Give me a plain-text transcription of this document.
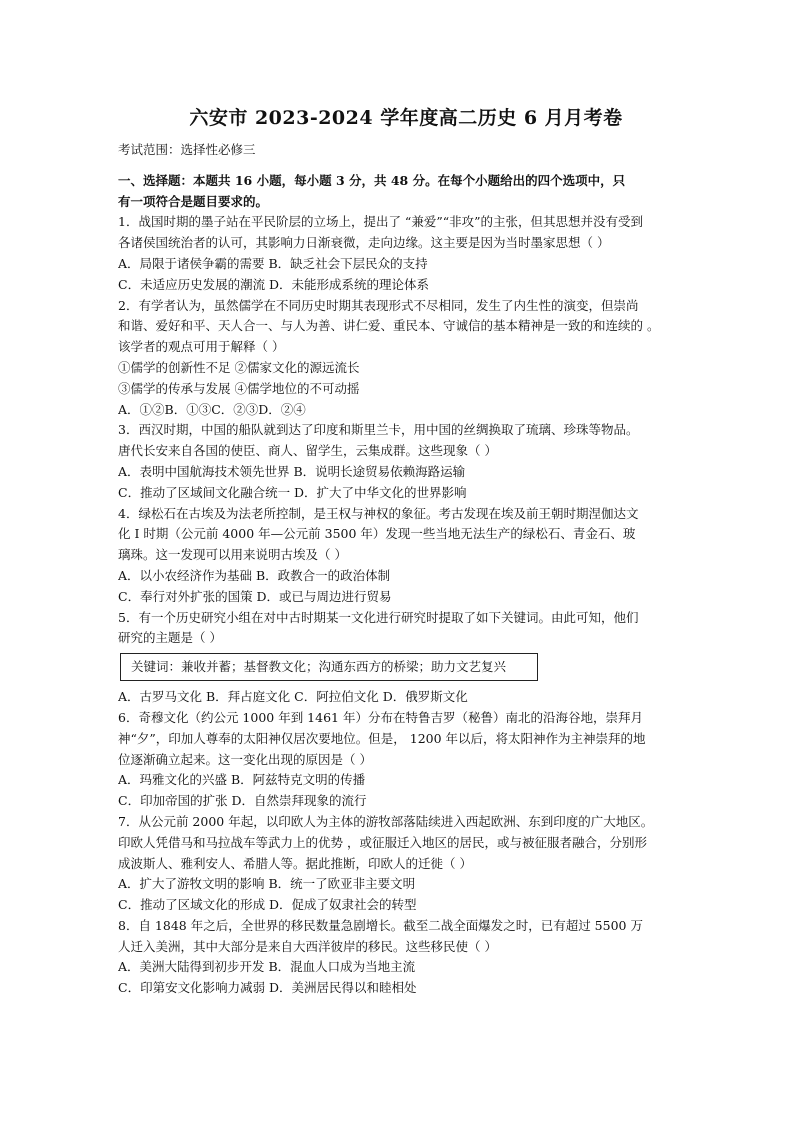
六安市 2023-2024 学年度高二历史 6 月月考卷
考试范围：选择性必修三
一、选择题：本题共 16 小题，每小题 3 分，共 48 分。在每个小题给出的四个选项中，只
有一项符合是题目要求的。
1．战国时期的墨子站在平民阶层的立场上，提出了 “兼爱”“非攻”的主张，但其思想并没有受到
各诸侯国统治者的认可，其影响力日渐衰微，走向边缘。这主要是因为当时墨家思想（ ）
A．局限于诸侯争霸的需要 B．缺乏社会下层民众的支持
C．未适应历史发展的潮流 D．未能形成系统的理论体系
2．有学者认为，虽然儒学在不同历史时期其表现形式不尽相同，发生了内生性的演变，但崇尚
和谐、爱好和平、天人合一、与人为善、讲仁爱、重民本、守诚信的基本精神是一致的和连续的 。
该学者的观点可用于解释（ ）
①儒学的创新性不足 ②儒家文化的源远流长
③儒学的传承与发展 ④儒学地位的不可动摇
A．①②B．①③C．②③D．②④
3．西汉时期，中国的船队就到达了印度和斯里兰卡，用中国的丝绸换取了琉璃、珍珠等物品。
唐代长安来自各国的使臣、商人、留学生，云集成群。这些现象（ ）
A．表明中国航海技术领先世界 B．说明长途贸易依赖海路运输
C．推动了区域间文化融合统一 D．扩大了中华文化的世界影响
4．绿松石在古埃及为法老所控制，是王权与神权的象征。考古发现在埃及前王朝时期涅伽达文
化 I 时期（公元前 4000 年—公元前 3500 年）发现一些当地无法生产的绿松石、青金石、玻
璃珠。这一发现可以用来说明古埃及（ ）
A．以小农经济作为基础 B．政教合一的政治体制
C．奉行对外扩张的国策 D．或已与周边进行贸易
5．有一个历史研究小组在对中古时期某一文化进行研究时提取了如下关键词。由此可知，他们
研究的主题是（ ）
关键词：兼收并蓄；基督教文化；沟通东西方的桥梁；助力文艺复兴
A．古罗马文化 B．拜占庭文化 C．阿拉伯文化 D．俄罗斯文化
6．奇穆文化（约公元 1000 年到 1461 年）分布在特鲁吉罗（秘鲁）南北的沿海谷地，崇拜月
神“夕”，印加人尊奉的太阳神仅居次要地位。但是， 1200 年以后，将太阳神作为主神崇拜的地
位逐渐确立起来。这一变化出现的原因是（ ）
A．玛雅文化的兴盛 B．阿兹特克文明的传播
C．印加帝国的扩张 D．自然崇拜现象的流行
7．从公元前 2000 年起，以印欧人为主体的游牧部落陆续进入西起欧洲、东到印度的广大地区。
印欧人凭借马和马拉战车等武力上的优势 ，或征服迁入地区的居民，或与被征服者融合，分别形
成波斯人、雅利安人、希腊人等。据此推断，印欧人的迁徙（ ）
A．扩大了游牧文明的影响 B．统一了欧亚非主要文明
C．推动了区域文化的形成 D．促成了奴隶社会的转型
8．自 1848 年之后，全世界的移民数量急剧增长。截至二战全面爆发之时，已有超过 5500 万
人迁入美洲，其中大部分是来自大西洋彼岸的移民。这些移民使（ ）
A．美洲大陆得到初步开发 B．混血人口成为当地主流
C．印第安文化影响力减弱 D．美洲居民得以和睦相处
